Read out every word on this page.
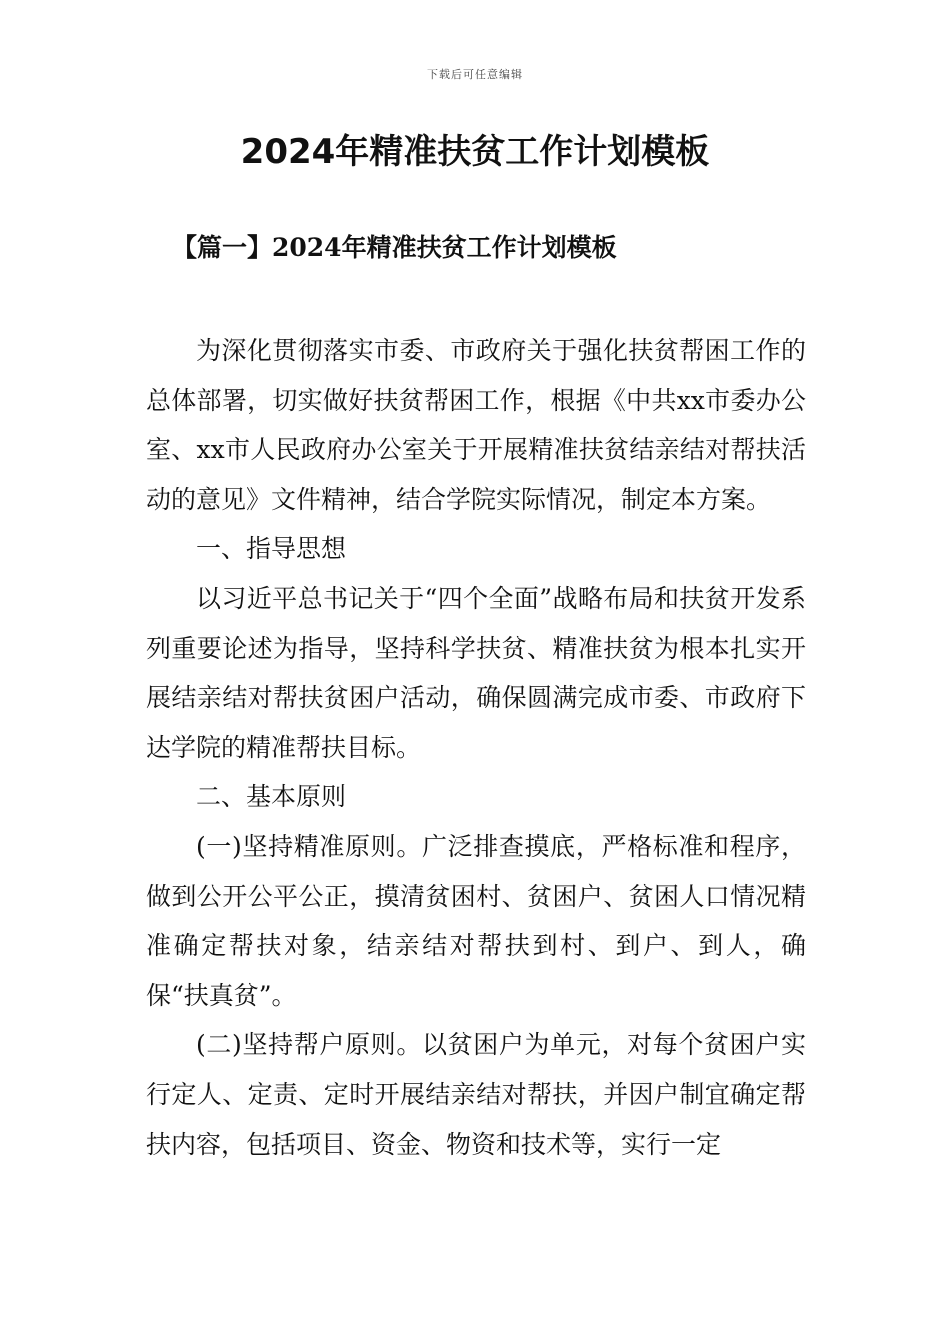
下载后可任意编辑
2024年精准扶贫工作计划模板
【篇一】2024年精准扶贫工作计划模板

为深化贯彻落实市委、市政府关于强化扶贫帮困工作的总体部署，切实做好扶贫帮困工作，根据《中共xx市委办公室、xx市人民政府办公室关于开展精准扶贫结亲结对帮扶活动的意见》文件精神，结合学院实际情况，制定本方案。

一、指导思想

以习近平总书记关于“四个全面”战略布局和扶贫开发系列重要论述为指导，坚持科学扶贫、精准扶贫为根本扎实开展结亲结对帮扶贫困户活动，确保圆满完成市委、市政府下达学院的精准帮扶目标。

二、基本原则

(一)坚持精准原则。广泛排查摸底，严格标准和程序，做到公开公平公正，摸清贫困村、贫困户、贫困人口情况精准确定帮扶对象，结亲结对帮扶到村、到户、到人，确保“扶真贫”。

(二)坚持帮户原则。以贫困户为单元，对每个贫困户实行定人、定责、定时开展结亲结对帮扶，并因户制宜确定帮扶内容，包括项目、资金、物资和技术等，实行一定
